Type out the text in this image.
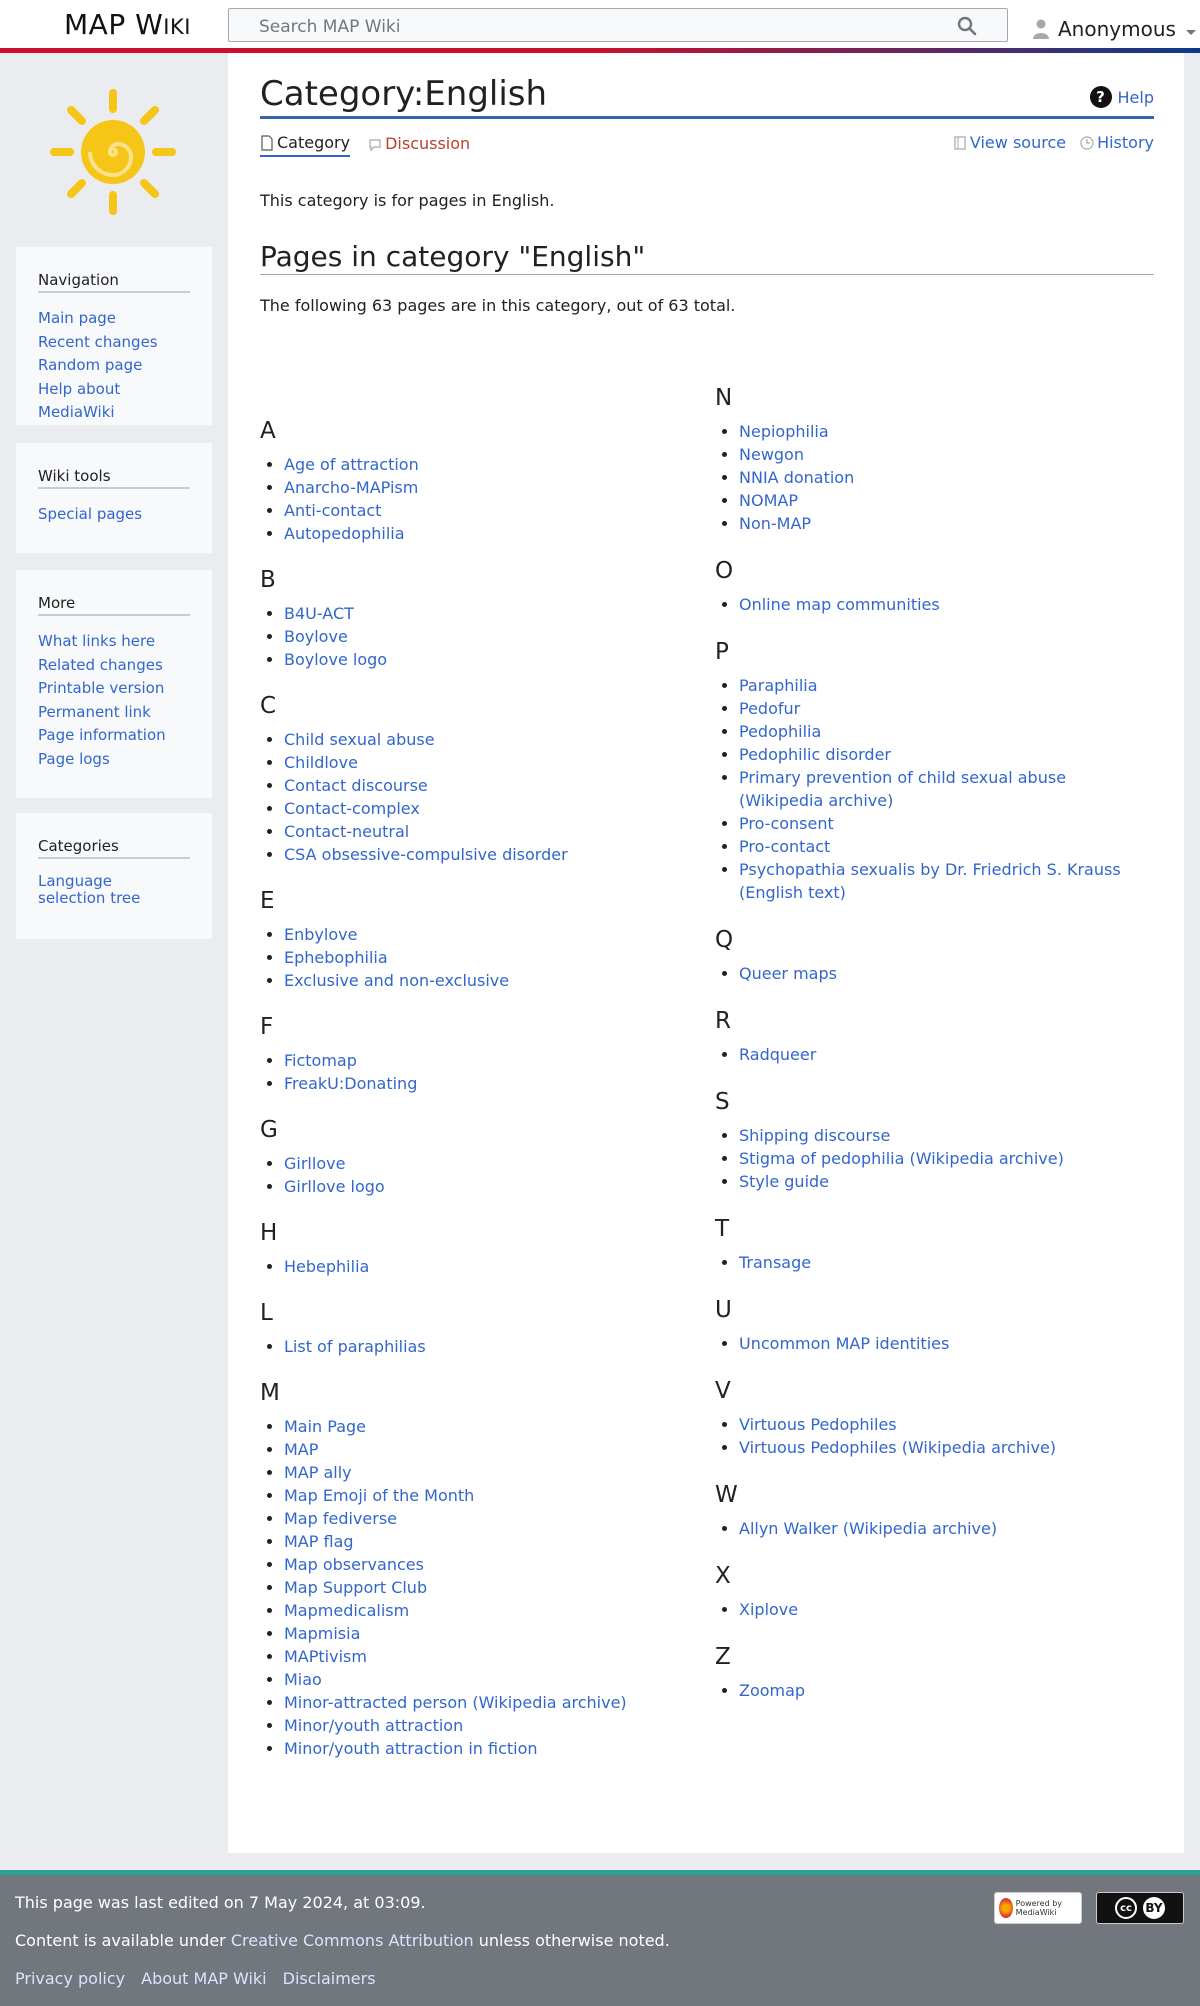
MAP WIKI
Search MAP Wiki	Anonymous
Navigation
Main page
Recent changes
Random page
Help about MediaWiki
Wiki tools
Special pages
More
What links here
Related changes
Printable version
Permanent link
Page information
Page logs
Categories
Language selection tree
Category:English	? Help
Category Discussion	View source History

This category is for pages in English.

Pages in category "English"

The following 63 pages are in this category, out of 63 total.

A
• Age of attraction
• Anarcho-MAPism
• Anti-contact
• Autopedophilia
B
• B4U-ACT
• Boylove
• Boylove logo
C
• Child sexual abuse
• Childlove
• Contact discourse
• Contact-complex
• Contact-neutral
• CSA obsessive-compulsive disorder
E
• Enbylove
• Ephebophilia
• Exclusive and non-exclusive
F
• Fictomap
• FreakU:Donating
G
• Girllove
• Girllove logo
H
• Hebephilia
L
• List of paraphilias
M
• Main Page
• MAP
• MAP ally
• Map Emoji of the Month
• Map fediverse
• MAP flag
• Map observances
• Map Support Club
• Mapmedicalism
• Mapmisia
• MAPtivism
• Miao
• Minor-attracted person (Wikipedia archive)
• Minor/youth attraction
• Minor/youth attraction in fiction
N
• Nepiophilia
• Newgon
• NNIA donation
• NOMAP
• Non-MAP
O
• Online map communities
P
• Paraphilia
• Pedofur
• Pedophilia
• Pedophilic disorder
• Primary prevention of child sexual abuse (Wikipedia archive)
• Pro-consent
• Pro-contact
• Psychopathia sexualis by Dr. Friedrich S. Krauss (English text)
Q
• Queer maps
R
• Radqueer
S
• Shipping discourse
• Stigma of pedophilia (Wikipedia archive)
• Style guide
T
• Transage
U
• Uncommon MAP identities
V
• Virtuous Pedophiles
• Virtuous Pedophiles (Wikipedia archive)
W
• Allyn Walker (Wikipedia archive)
X
• Xiplove
Z
• Zoomap

This page was last edited on 7 May 2024, at 03:09.

Content is available under Creative Commons Attribution unless otherwise noted.

Privacy policy About MAP Wiki Disclaimers
Powered by MediaWiki	cc	BY
